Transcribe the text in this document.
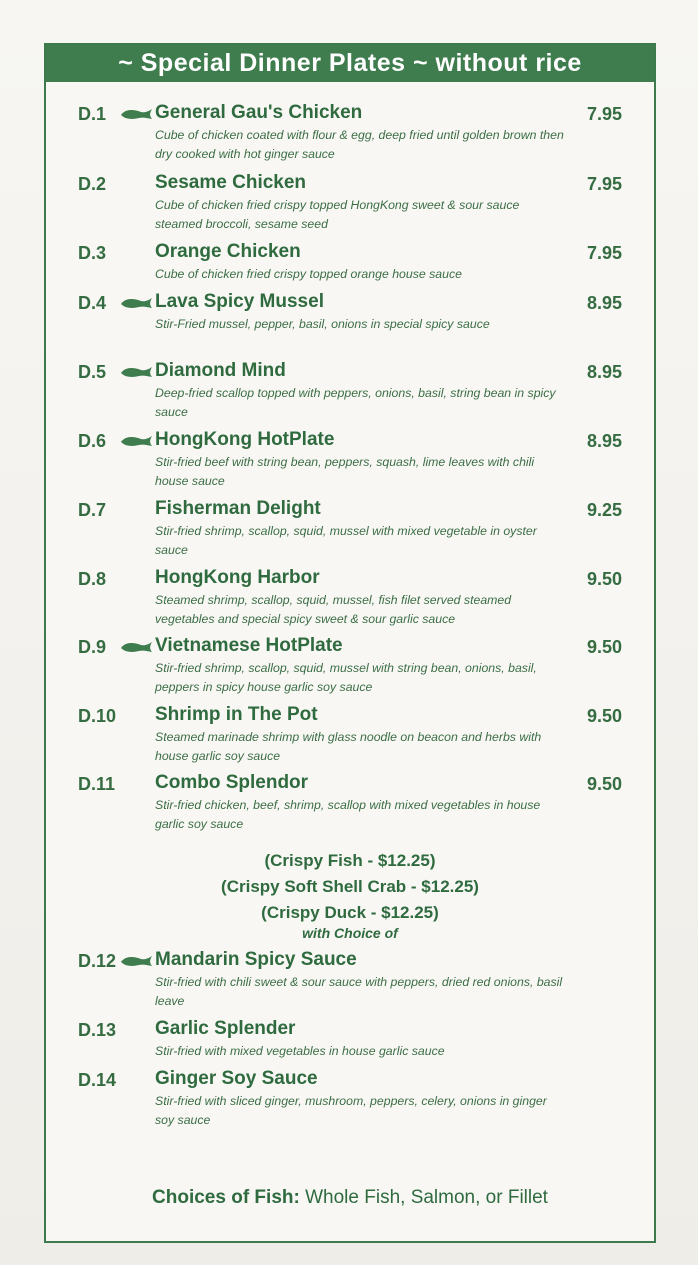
~ Special Dinner Plates ~ without rice
D.1	General Gau's Chicken	7.95
Cube of chicken coated with flour & egg, deep fried until golden brown then dry cooked with hot ginger sauce
D.2	Sesame Chicken	7.95
Cube of chicken fried crispy topped HongKong sweet & sour sauce steamed broccoli, sesame seed
D.3	Orange Chicken	7.95
Cube of chicken fried crispy topped orange house sauce
D.4	Lava Spicy Mussel	8.95
Stir-Fried mussel, pepper, basil, onions in special spicy sauce
D.5	Diamond Mind	8.95
Deep-fried scallop topped with peppers, onions, basil, string bean in spicy sauce
D.6	HongKong HotPlate	8.95
Stir-fried beef with string bean, peppers, squash, lime leaves with chili house sauce
D.7	Fisherman Delight	9.25
Stir-fried shrimp, scallop, squid, mussel with mixed vegetable in oyster sauce
D.8	HongKong Harbor	9.50
Steamed shrimp, scallop, squid, mussel, fish filet served steamed vegetables and special spicy sweet & sour garlic sauce
D.9	Vietnamese HotPlate	9.50
Stir-fried shrimp, scallop, squid, mussel with string bean, onions, basil, peppers in spicy house garlic soy sauce
D.10 Shrimp in The Pot	9.50
Steamed marinade shrimp with glass noodle on beacon and herbs with house garlic soy sauce
D.11 Combo Splendor	9.50
Stir-fried chicken, beef, shrimp, scallop with mixed vegetables in house garlic soy sauce
(Crispy Fish - $12.25)
(Crispy Soft Shell Crab - $12.25)
(Crispy Duck - $12.25)
with Choice of
D.12 Mandarin Spicy Sauce
Stir-fried with chili sweet & sour sauce with peppers, dried red onions, basil leave
D.13 Garlic Splender
Stir-fried with mixed vegetables in house garlic sauce
D.14 Ginger Soy Sauce
Stir-fried with sliced ginger, mushroom, peppers, celery, onions in ginger soy sauce
Choices of Fish: Whole Fish, Salmon, or Fillet
